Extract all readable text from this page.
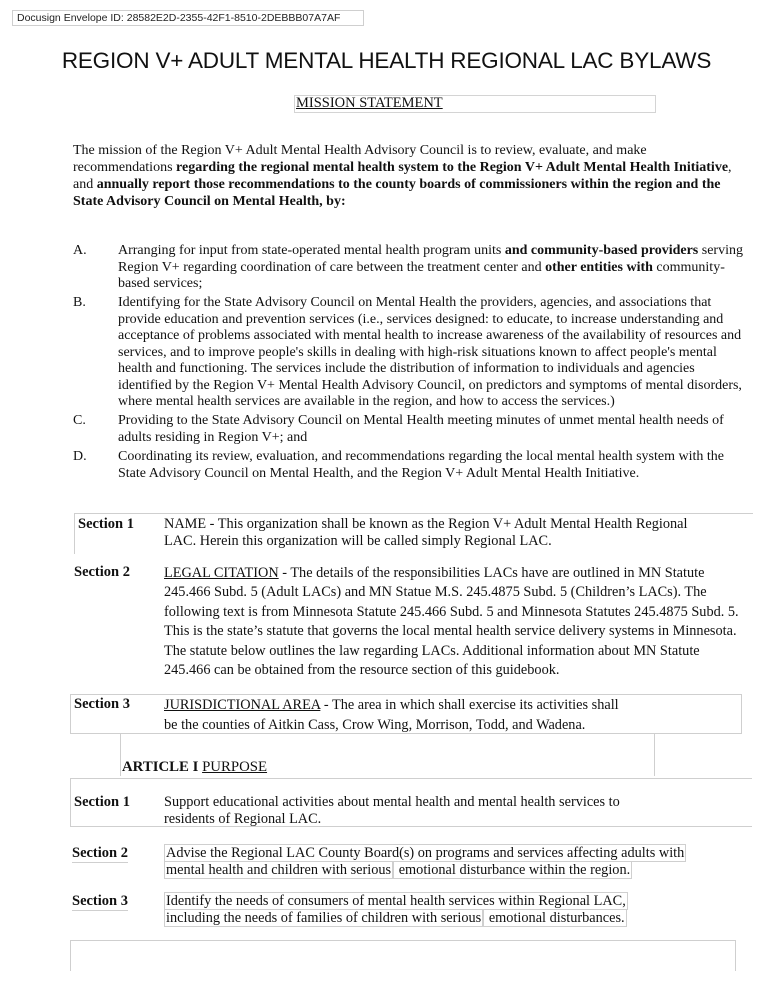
Docusign Envelope ID: 28582E2D-2355-42F1-8510-2DEBBB07A7AF
REGION V+ ADULT MENTAL HEALTH REGIONAL LAC BYLAWS
MISSION STATEMENT
The mission of the Region V+ Adult Mental Health Advisory Council is to review, evaluate, and make recommendations regarding the regional mental health system to the Region V+ Adult Mental Health Initiative, and annually report those recommendations to the county boards of commissioners within the region and the State Advisory Council on Mental Health, by:
A. Arranging for input from state-operated mental health program units and community-based providers serving Region V+ regarding coordination of care between the treatment center and other entities with community-based services;
B. Identifying for the State Advisory Council on Mental Health the providers, agencies, and associations that provide education and prevention services (i.e., services designed: to educate, to increase understanding and acceptance of problems associated with mental health to increase awareness of the availability of resources and services, and to improve people's skills in dealing with high-risk situations known to affect people's mental health and functioning. The services include the distribution of information to individuals and agencies identified by the Region V+ Mental Health Advisory Council, on predictors and symptoms of mental disorders, where mental health services are available in the region, and how to access the services.)
C. Providing to the State Advisory Council on Mental Health meeting minutes of unmet mental health needs of adults residing in Region V+; and
D. Coordinating its review, evaluation, and recommendations regarding the local mental health system with the State Advisory Council on Mental Health, and the Region V+ Adult Mental Health Initiative.
Section 1 NAME - This organization shall be known as the Region V+ Adult Mental Health Regional
LAC. Herein this organization will be called simply Regional LAC.
Section 2 LEGAL CITATION - The details of the responsibilities LACs have are outlined in MN Statute
245.466 Subd. 5 (Adult LACs) and MN Statue M.S. 245.4875 Subd. 5 (Children’s LACs). The
following text is from Minnesota Statute 245.466 Subd. 5 and Minnesota Statutes 245.4875 Subd. 5.
This is the state’s statute that governs the local mental health service delivery systems in Minnesota.
The statute below outlines the law regarding LACs. Additional information about MN Statute
245.466 can be obtained from the resource section of this guidebook.
Section 3 JURISDICTIONAL AREA - The area in which shall exercise its activities shall
be the counties of Aitkin Cass, Crow Wing, Morrison, Todd, and Wadena.
ARTICLE I PURPOSE
Section 1 Support educational activities about mental health and mental health services to
residents of Regional LAC.
Section 2	Advise the Regional LAC County Board(s) on programs and services affecting adults with
mental health and children with serious emotional disturbance within the region.
Section 3	Identify the needs of consumers of mental health services within Regional LAC,
including the needs of families of children with serious emotional disturbances.
